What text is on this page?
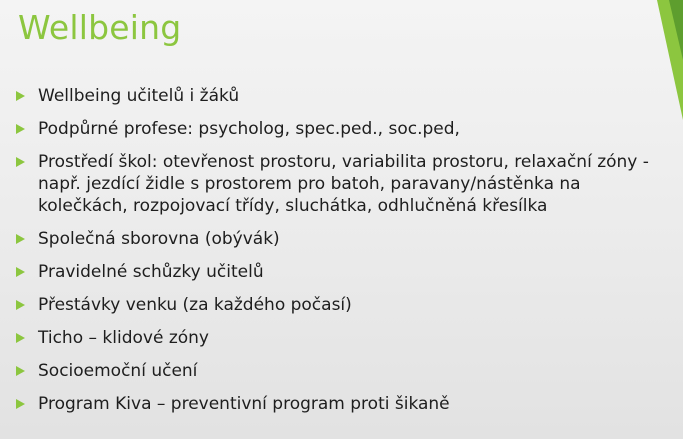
Wellbeing
Wellbeing učitelů i žáků
Podpůrné profese: psycholog, spec.ped., soc.ped,
Prostředí škol: otevřenost prostoru, variabilita prostoru, relaxační zóny - např. jezdící židle s prostorem pro batoh, paravany/nástěnka na kolečkách, rozpojovací třídy, sluchátka, odhlučněná křesílka
Společná sborovna (obývák)
Pravidelné schůzky učitelů
Přestávky venku (za každého počasí)
Ticho – klidové zóny
Socioemoční učení
Program Kiva – preventivní program proti šikaně
